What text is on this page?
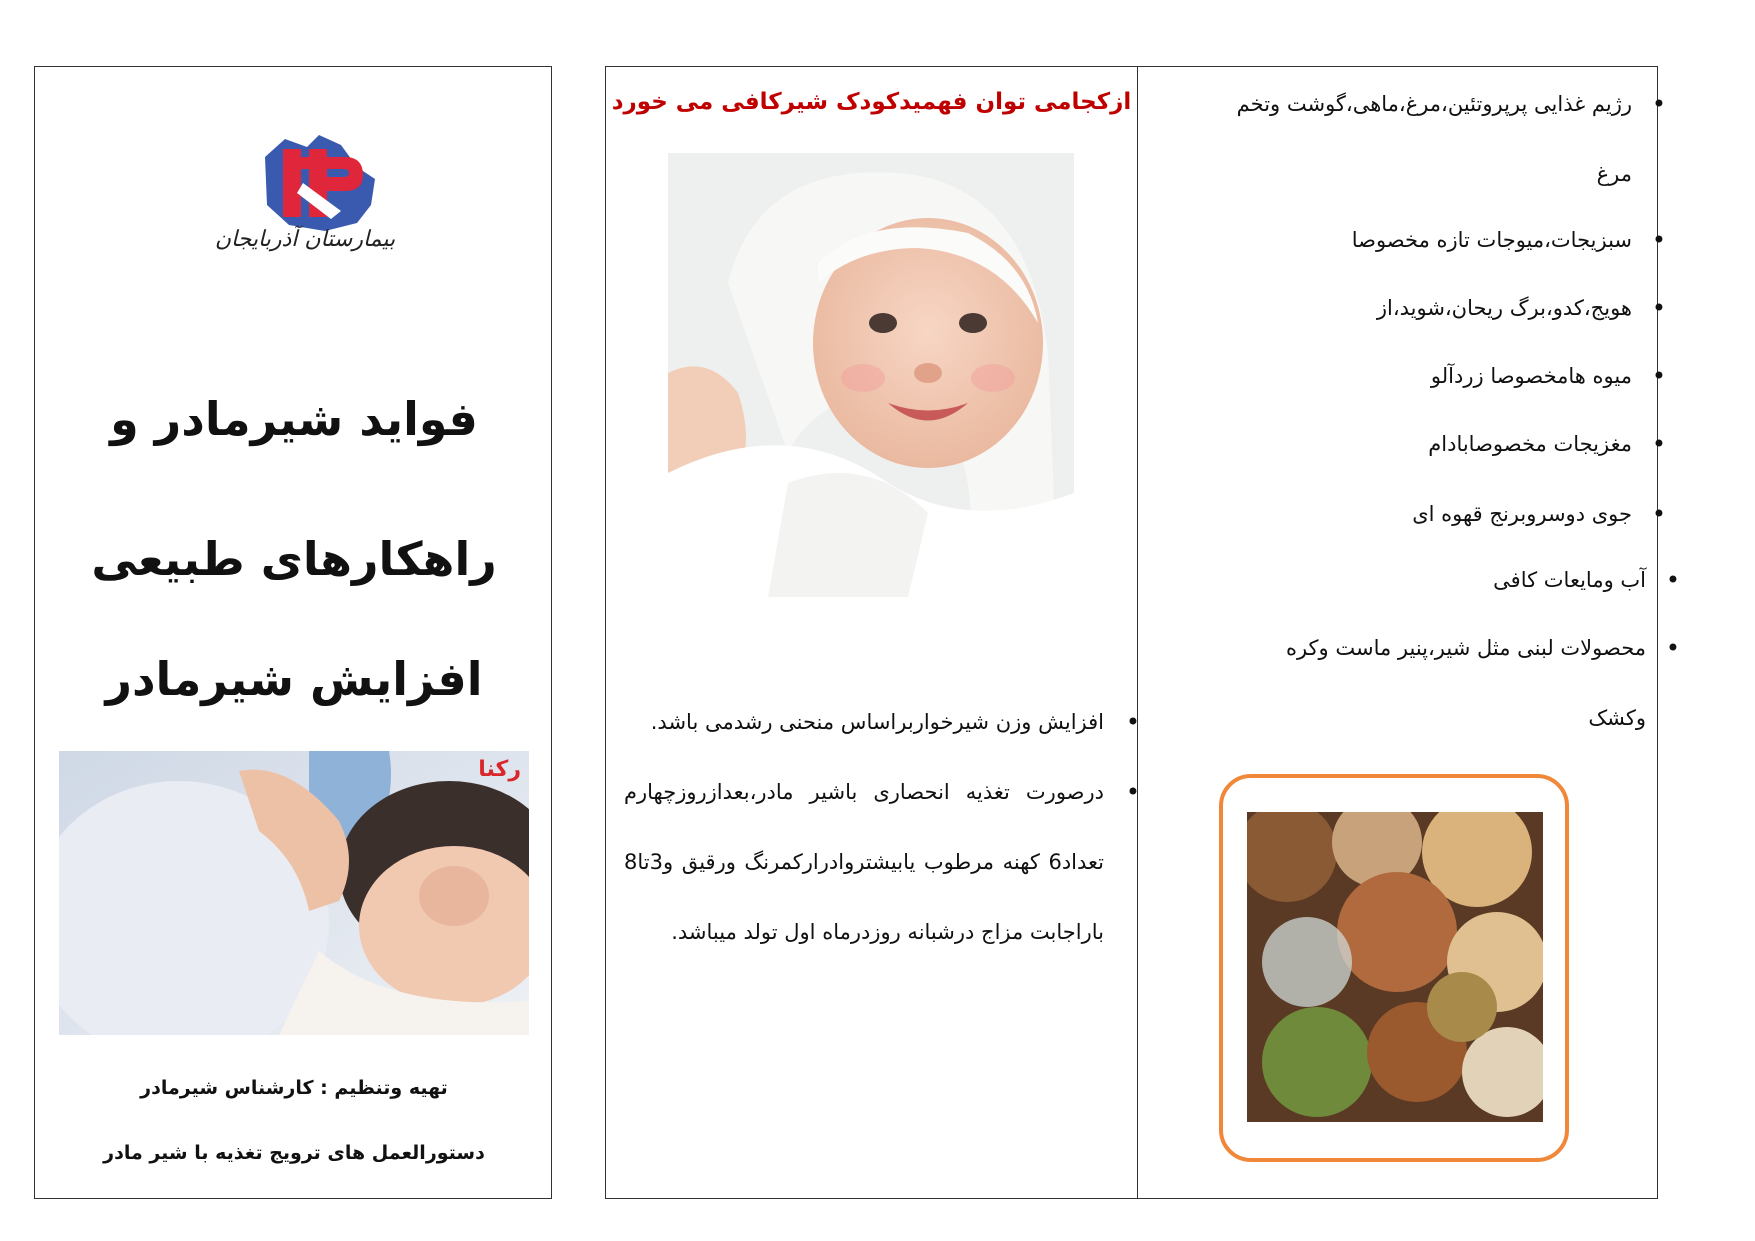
بیمارستان آذربایجان
فواید شیرمادر و
راهکارهای طبیعی
افزایش شیرمادر
رکنا
تهیه وتنظیم : کارشناس شیرمادر
دستورالعمل های ترویج تغذیه با شیر مادر
ازکجامی توان فهمیدکودک شیرکافی می خورد
• افزایش وزن شیرخواربراساس منحنی رشدمی باشد.
• درصورت تغذیه انحصاری باشیر مادر،بعدازروزچهارم تعداد6 کهنه مرطوب یابیشتروادرارکمرنگ ورقیق و3تا8 باراجابت مزاج درشبانه روزدرماه اول تولد میباشد.
• رژیم غذایی پرپروتئین،مرغ،ماهی،گوشت وتخم مرغ
• سبزیجات،میوجات تازه مخصوصا
• هویج،کدو،برگ ریحان،شوید،از
• میوه هامخصوصا زردآلو
• مغزیجات مخصوصابادام
• جوی دوسروبرنج قهوه ای
• آب ومایعات کافی
• محصولات لبنی مثل شیر،پنیر ماست وکره وکشک
